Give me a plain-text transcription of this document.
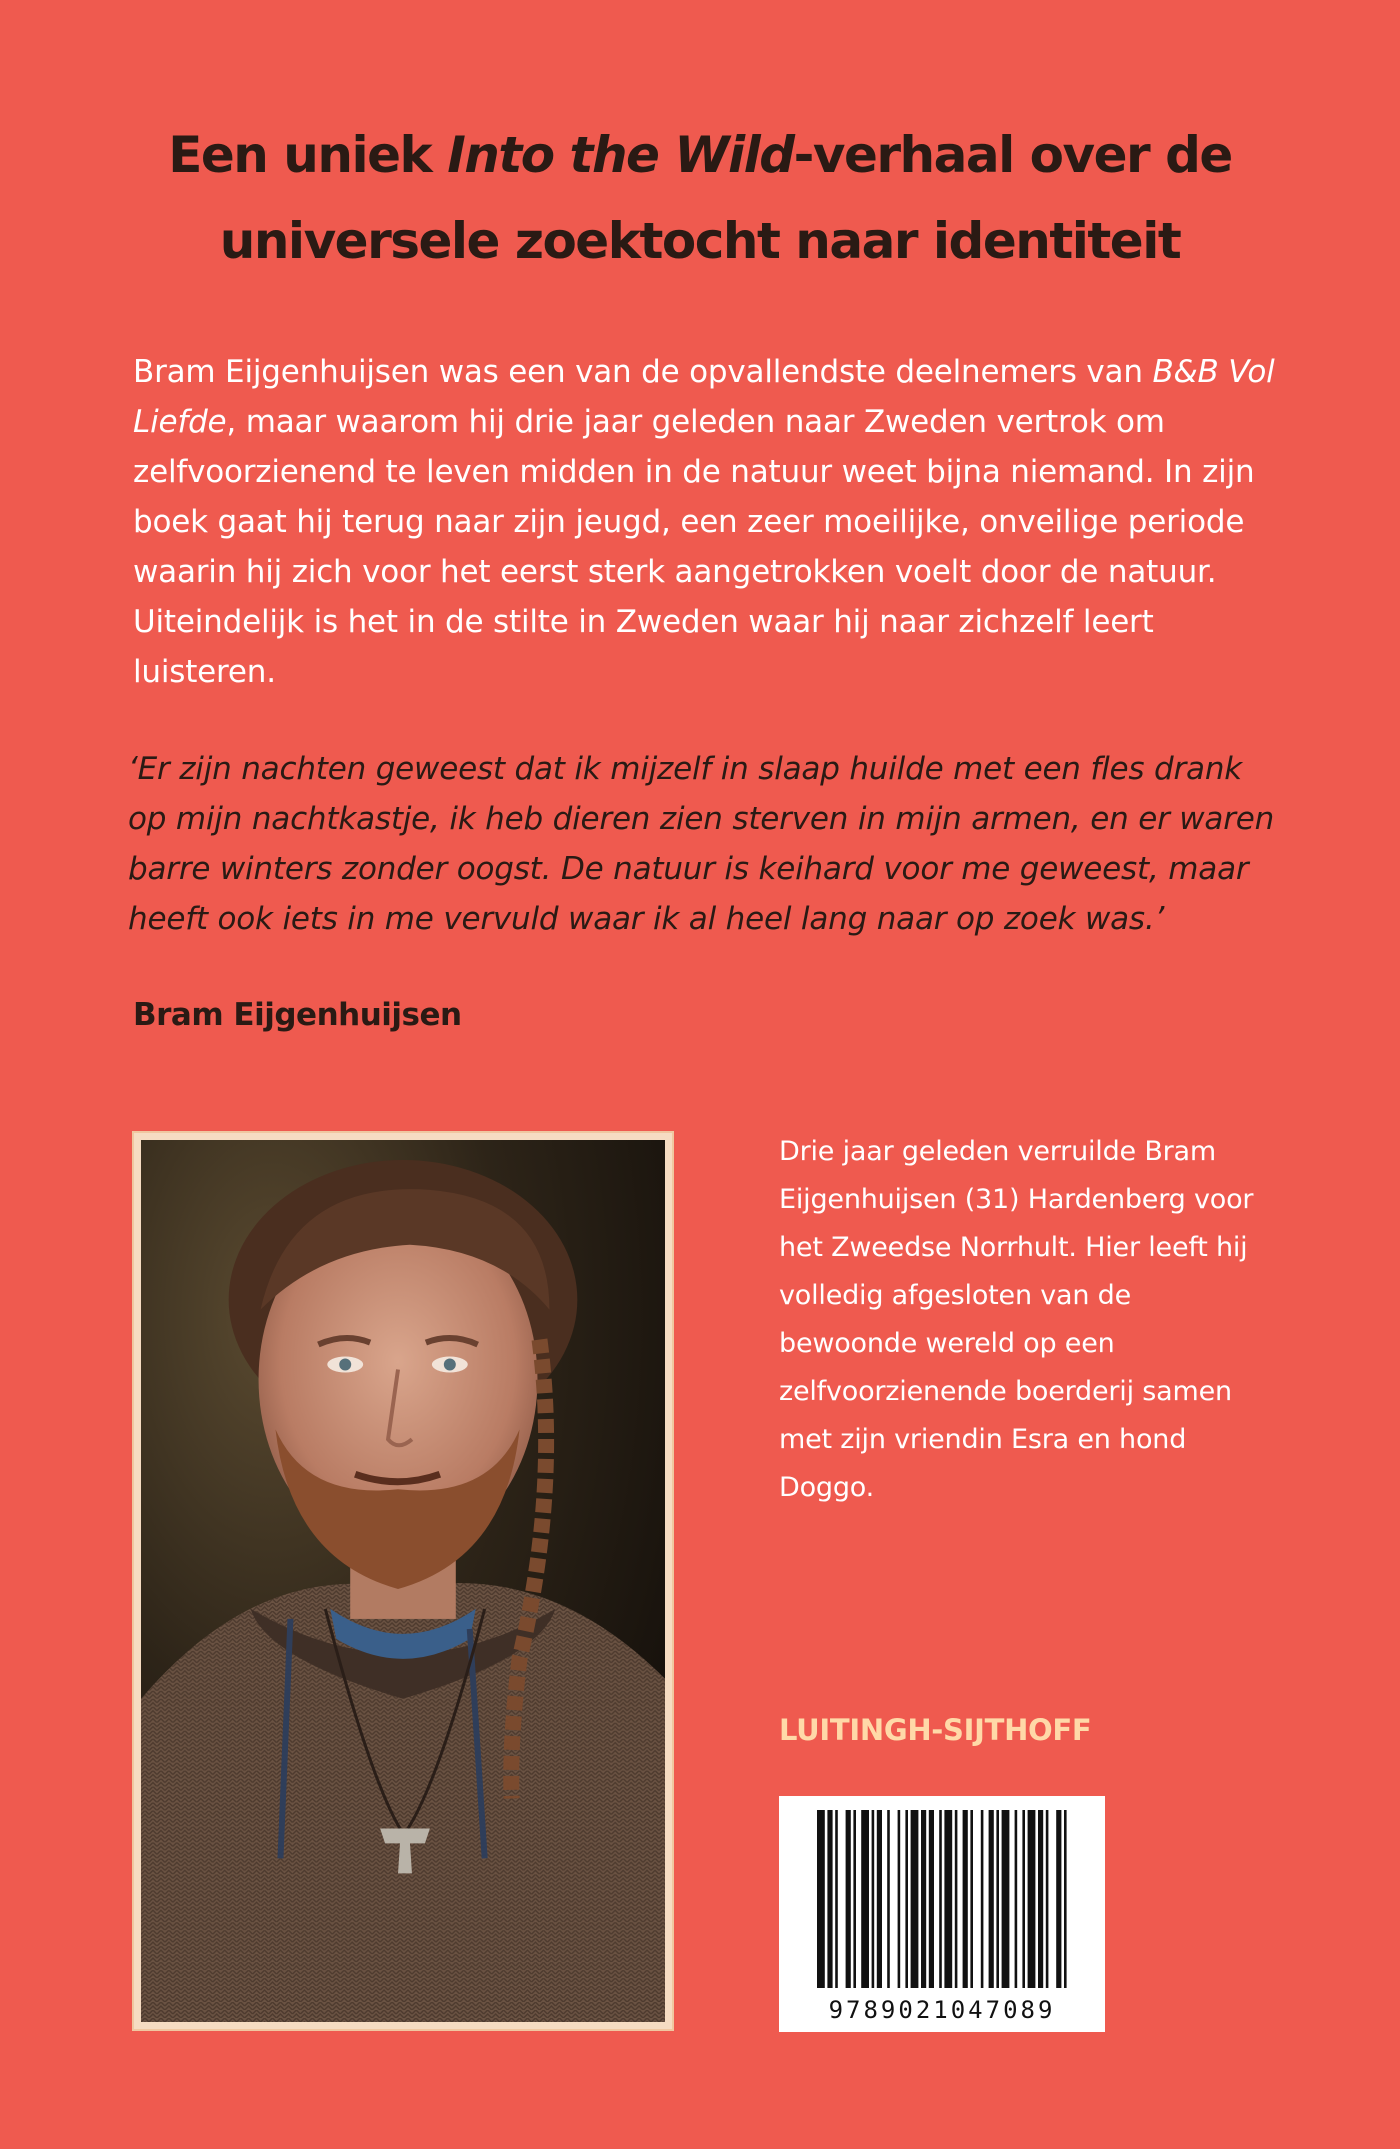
Een uniek Into the Wild-verhaal over de universele zoektocht naar identiteit

Bram Eijgenhuijsen was een van de opvallendste deelnemers van B&B Vol Liefde, maar waarom hij drie jaar geleden naar Zweden vertrok om zelfvoorzienend te leven midden in de natuur weet bijna niemand. In zijn boek gaat hij terug naar zijn jeugd, een zeer moeilijke, onveilige periode waarin hij zich voor het eerst sterk aangetrokken voelt door de natuur. Uiteindelijk is het in de stilte in Zweden waar hij naar zichzelf leert luisteren.

‘Er zijn nachten geweest dat ik mijzelf in slaap huilde met een fles drank op mijn nachtkastje, ik heb dieren zien sterven in mijn armen, en er waren barre winters zonder oogst. De natuur is keihard voor me geweest, maar heeft ook iets in me vervuld waar ik al heel lang naar op zoek was.’

Bram Eijgenhuijsen

Drie jaar geleden verruilde Bram Eijgenhuijsen (31) Hardenberg voor het Zweedse Norrhult. Hier leeft hij volledig afgesloten van de bewoonde wereld op een zelfvoorzienende boerderij samen met zijn vriendin Esra en hond Doggo.

LUITINGH-SIJTHOFF
9789021047089
